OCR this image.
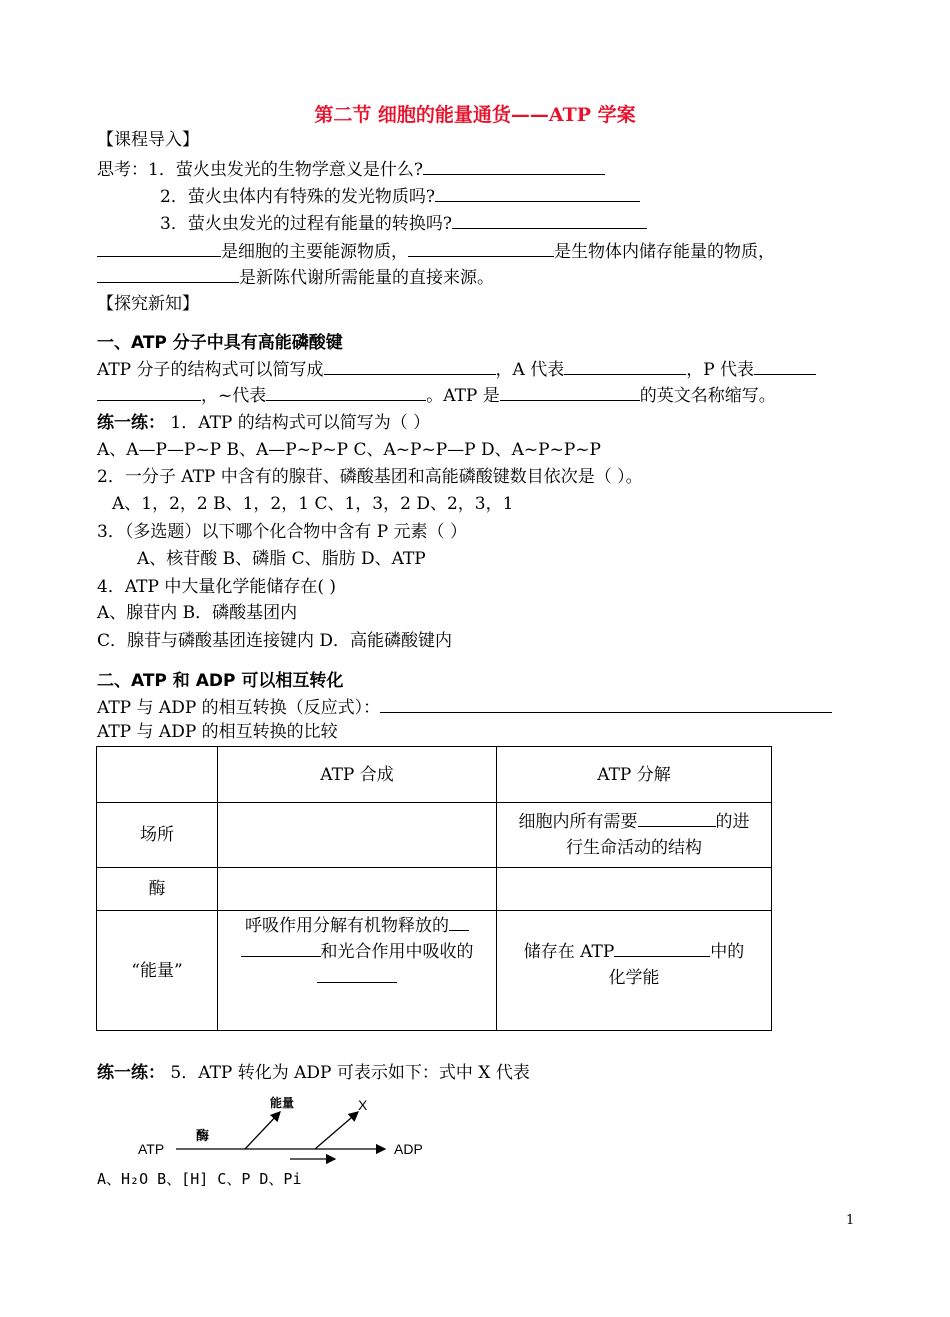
第二节 细胞的能量通货——ATP 学案
【课程导入】
思考：1．萤火虫发光的生物学意义是什么?
2．萤火虫体内有特殊的发光物质吗?
3．萤火虫发光的过程有能量的转换吗?
是细胞的主要能源物质，	是生物体内储存能量的物质，
是新陈代谢所需能量的直接来源。
【探究新知】
一、ATP 分子中具有高能磷酸键
ATP 分子的结构式可以简写成	，A 代表	，P 代表
，~代表	。ATP 是	的英文名称缩写。
练一练： 1．ATP 的结构式可以简写为（ ）
A、A—P—P~P B、A—P~P~P C、A~P~P—P D、A~P~P~P
2．一分子 ATP 中含有的腺苷、磷酸基团和高能磷酸键数目依次是（ ）。
A、1，2，2 B、1，2，1 C、1，3，2 D、2，3，1
3．（多选题）以下哪个化合物中含有 P 元素（ ）
A、核苷酸 B、磷脂 C、脂肪 D、ATP
4．ATP 中大量化学能储存在( )
A、腺苷内 B．磷酸基团内
C．腺苷与磷酸基团连接键内 D．高能磷酸键内
二、ATP 和 ADP 可以相互转化
ATP 与 ADP 的相互转换（反应式）：
ATP 与 ADP 的相互转换的比较
	ATP 合成	ATP 分解
场所		细胞内所有需要 的进
行生命活动的结构
酶		
“能量”	呼吸作用分解有机物释放的
和光合作用中吸收的	储存在 ATP 中的
化学能
练一练： 5．ATP 转化为 ADP 可表示如下：式中 X 代表
ATP
酶
能量	X
ADP
A、H₂O B、[H] C、P D、Pi
1
